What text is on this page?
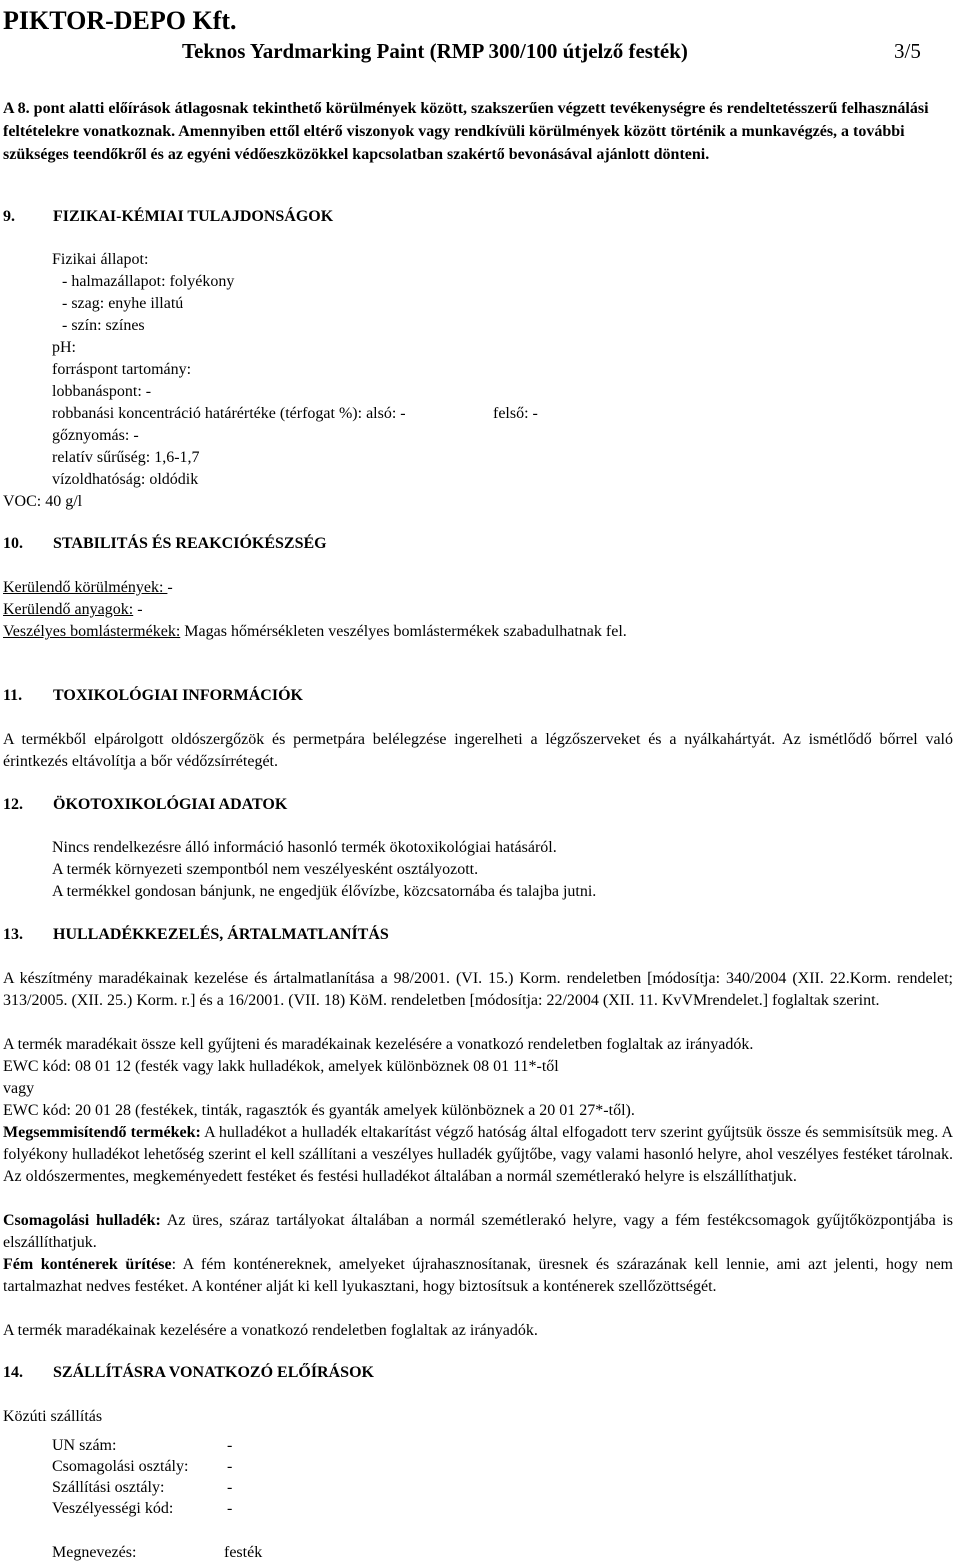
PIKTOR-DEPO Kft.
Teknos Yardmarking Paint (RMP 300/100 útjelző festék)	3/5
A 8. pont alatti előírások átlagosnak tekinthető körülmények között, szakszerűen végzett tevékenységre és rendeltetésszerű felhasználási feltételekre vonatkoznak. Amennyiben ettől eltérő viszonyok vagy rendkívüli körülmények között történik a munkavégzés, a további szükséges teendőkről és az egyéni védőeszközökkel kapcsolatban szakértő bevonásával ajánlott dönteni.
9. FIZIKAI-KÉMIAI TULAJDONSÁGOK
Fizikai állapot:
- halmazállapot: folyékony
- szag: enyhe illatú
- szín: színes
pH:
forráspont tartomány:
lobbanáspont: -
robbanási koncentráció határértéke (térfogat %): alsó: -	felső: -
gőznyomás: -
relatív sűrűség: 1,6-1,7
vízoldhatóság: oldódik
VOC: 40 g/l
10. STABILITÁS ÉS REAKCIÓKÉSZSÉG
Kerülendő körülmények: -
Kerülendő anyagok: -
Veszélyes bomlástermékek: Magas hőmérsékleten veszélyes bomlástermékek szabadulhatnak fel.
11. TOXIKOLÓGIAI INFORMÁCIÓK
A termékből elpárolgott oldószergőzök és permetpára belélegzése ingerelheti a légzőszerveket és a nyálkahártyát. Az ismétlődő bőrrel való érintkezés eltávolítja a bőr védőzsírrétegét.
12. ÖKOTOXIKOLÓGIAI ADATOK
Nincs rendelkezésre álló információ hasonló termék ökotoxikológiai hatásáról.
A termék környezeti szempontból nem veszélyesként osztályozott.
A termékkel gondosan bánjunk, ne engedjük élővízbe, közcsatornába és talajba jutni.
13. HULLADÉKKEZELÉS, ÁRTALMATLANÍTÁS
A készítmény maradékainak kezelése és ártalmatlanítása a 98/2001. (VI. 15.) Korm. rendeletben [módosítja: 340/2004 (XII. 22.Korm. rendelet; 313/2005. (XII. 25.) Korm. r.] és a 16/2001. (VII. 18) KöM. rendeletben [módosítja: 22/2004 (XII. 11. KvVMrendelet.] foglaltak szerint.
A termék maradékait össze kell gyűjteni és maradékainak kezelésére a vonatkozó rendeletben foglaltak az irányadók.
EWC kód: 08 01 12 (festék vagy lakk hulladékok, amelyek különböznek 08 01 11*-től
vagy
EWC kód: 20 01 28 (festékek, tinták, ragasztók és gyanták amelyek különböznek a 20 01 27*-től).
Megsemmisítendő termékek: A hulladékot a hulladék eltakarítást végző hatóság által elfogadott terv szerint gyűjtsük össze és semmisítsük meg. A folyékony hulladékot lehetőség szerint el kell szállítani a veszélyes hulladék gyűjtőbe, vagy valami hasonló helyre, ahol veszélyes festéket tárolnak. Az oldószermentes, megkeményedett festéket és festési hulladékot általában a normál szemétlerakó helyre is elszállíthatjuk.
Csomagolási hulladék: Az üres, száraz tartályokat általában a normál szemétlerakó helyre, vagy a fém festékcsomagok gyűjtőközpontjába is elszállíthatjuk.
Fém konténerek ürítése: A fém konténereknek, amelyeket újrahasznosítanak, üresnek és szárazának kell lennie, ami azt jelenti, hogy nem tartalmazhat nedves festéket. A konténer alját ki kell lyukasztani, hogy biztosítsuk a konténerek szellőzöttségét.
A termék maradékainak kezelésére a vonatkozó rendeletben foglaltak az irányadók.
14. SZÁLLÍTÁSRA VONATKOZÓ ELŐÍRÁSOK
Közúti szállítás
UN szám:	-
Csomagolási osztály: -
Szállítási osztály:	-
Veszélyességi kód:	-
Megnevezés:	festék
